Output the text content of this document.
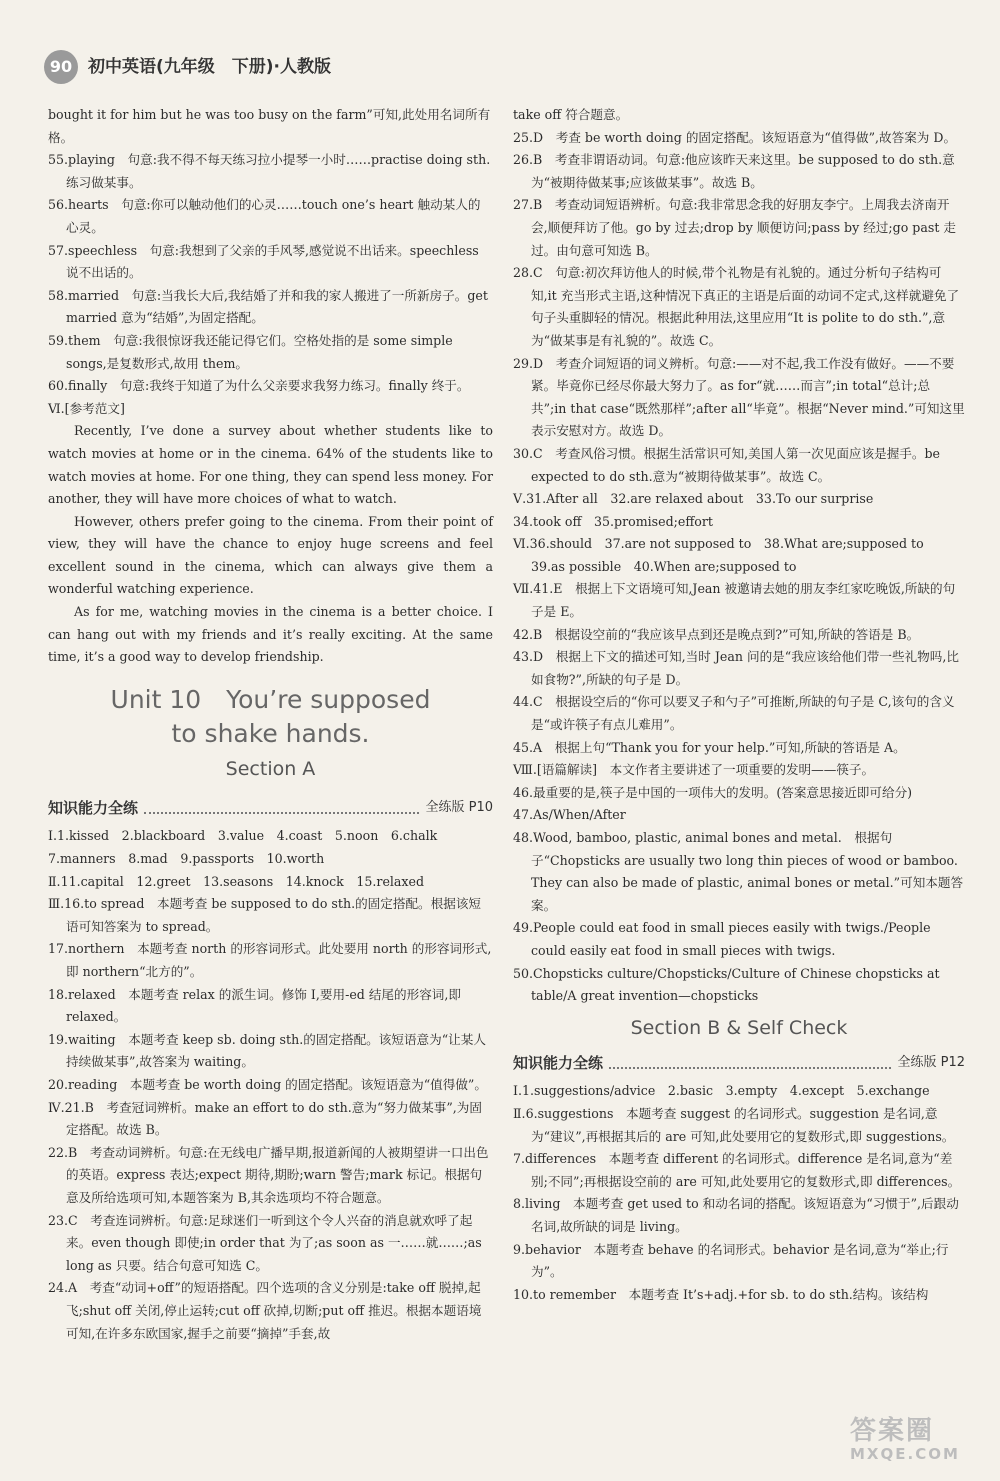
90 初中英语(九年级　下册)·人教版

bought it for him but he was too busy on the farm”可知,此处用名词所有格。

55.playing　句意:我不得不每天练习拉小提琴一小时……practise doing sth.练习做某事。

56.hearts　句意:你可以触动他们的心灵……touch one’s heart 触动某人的心灵。

57.speechless　句意:我想到了父亲的手风琴,感觉说不出话来。speechless 说不出话的。

58.married　句意:当我长大后,我结婚了并和我的家人搬进了一所新房子。get married 意为“结婚”,为固定搭配。

59.them　句意:我很惊讶我还能记得它们。空格处指的是 some simple songs,是复数形式,故用 them。

60.finally　句意:我终于知道了为什么父亲要求我努力练习。finally 终于。

Ⅵ.[参考范文]

Recently, I’ve done a survey about whether students like to watch movies at home or in the cinema. 64% of the students like to watch movies at home. For one thing, they can spend less money. For another, they will have more choices of what to watch.

However, others prefer going to the cinema. From their point of view, they will have the chance to enjoy huge screens and feel excellent sound in the cinema, which can always give them a wonderful watching experience.

As for me, watching movies in the cinema is a better choice. I can hang out with my friends and it’s really exciting. At the same time, it’s a good way to develop friendship.

Unit 10　You’re supposed
to shake hands.
Section A
知识能力全练	全练版 P10

Ⅰ.1.kissed　2.blackboard　3.value　4.coast　5.noon　6.chalk

7.manners　8.mad　9.passports　10.worth

Ⅱ.11.capital　12.greet　13.seasons　14.knock　15.relaxed

Ⅲ.16.to spread　本题考查 be supposed to do sth.的固定搭配。根据该短语可知答案为 to spread。

17.northern　本题考查 north 的形容词形式。此处要用 north 的形容词形式,即 northern“北方的”。

18.relaxed　本题考查 relax 的派生词。修饰 I,要用-ed 结尾的形容词,即 relaxed。

19.waiting　本题考查 keep sb. doing sth.的固定搭配。该短语意为“让某人持续做某事”,故答案为 waiting。

20.reading　本题考查 be worth doing 的固定搭配。该短语意为“值得做”。

Ⅳ.21.B　考查冠词辨析。make an effort to do sth.意为“努力做某事”,为固定搭配。故选 B。

22.B　考查动词辨析。句意:在无线电广播早期,报道新闻的人被期望讲一口出色的英语。express 表达;expect 期待,期盼;warn 警告;mark 标记。根据句意及所给选项可知,本题答案为 B,其余选项均不符合题意。

23.C　考查连词辨析。句意:足球迷们一听到这个令人兴奋的消息就欢呼了起来。even though 即使;in order that 为了;as soon as 一……就……;as long as 只要。结合句意可知选 C。

24.A　考查“动词+off”的短语搭配。四个选项的含义分别是:take off 脱掉,起飞;shut off 关闭,停止运转;cut off 砍掉,切断;put off 推迟。根据本题语境可知,在许多东欧国家,握手之前要“摘掉”手套,故

take off 符合题意。

25.D　考查 be worth doing 的固定搭配。该短语意为“值得做”,故答案为 D。

26.B　考查非谓语动词。句意:他应该昨天来这里。be supposed to do sth.意为“被期待做某事;应该做某事”。故选 B。

27.B　考查动词短语辨析。句意:我非常思念我的好朋友李宁。上周我去济南开会,顺便拜访了他。go by 过去;drop by 顺便访问;pass by 经过;go past 走过。由句意可知选 B。

28.C　句意:初次拜访他人的时候,带个礼物是有礼貌的。通过分析句子结构可知,it 充当形式主语,这种情况下真正的主语是后面的动词不定式,这样就避免了句子头重脚轻的情况。根据此种用法,这里应用“It is polite to do sth.”,意为“做某事是有礼貌的”。故选 C。

29.D　考查介词短语的词义辨析。句意:——对不起,我工作没有做好。——不要紧。毕竟你已经尽你最大努力了。as for“就……而言”;in total“总计;总共”;in that case“既然那样”;after all“毕竟”。根据“Never mind.”可知这里表示安慰对方。故选 D。

30.C　考查风俗习惯。根据生活常识可知,美国人第一次见面应该是握手。be expected to do sth.意为“被期待做某事”。故选 C。

Ⅴ.31.After all　32.are relaxed about　33.To our surprise

34.took off　35.promised;effort

Ⅵ.36.should　37.are not supposed to　38.What are;supposed to　39.as possible　40.When are;supposed to

Ⅶ.41.E　根据上下文语境可知,Jean 被邀请去她的朋友李红家吃晚饭,所缺的句子是 E。

42.B　根据设空前的“我应该早点到还是晚点到?”可知,所缺的答语是 B。

43.D　根据上下文的描述可知,当时 Jean 问的是“我应该给他们带一些礼物吗,比如食物?”,所缺的句子是 D。

44.C　根据设空后的“你可以要叉子和勺子”可推断,所缺的句子是 C,该句的含义是“或许筷子有点儿难用”。

45.A　根据上句“Thank you for your help.”可知,所缺的答语是 A。

Ⅷ.[语篇解读]　本文作者主要讲述了一项重要的发明——筷子。

46.最重要的是,筷子是中国的一项伟大的发明。(答案意思接近即可给分)

47.As/When/After

48.Wood, bamboo, plastic, animal bones and metal.　根据句子“Chopsticks are usually two long thin pieces of wood or bamboo. They can also be made of plastic, animal bones or metal.”可知本题答案。

49.People could eat food in small pieces easily with twigs./People could easily eat food in small pieces with twigs.

50.Chopsticks culture/Chopsticks/Culture of Chinese chopsticks at table/A great invention—chopsticks

Section B & Self Check
知识能力全练	全练版 P12

Ⅰ.1.suggestions/advice　2.basic　3.empty　4.except　5.exchange

Ⅱ.6.suggestions　本题考查 suggest 的名词形式。suggestion 是名词,意为“建议”,再根据其后的 are 可知,此处要用它的复数形式,即 suggestions。

7.differences　本题考查 different 的名词形式。difference 是名词,意为“差别;不同”;再根据设空前的 are 可知,此处要用它的复数形式,即 differences。

8.living　本题考查 get used to 和动名词的搭配。该短语意为“习惯于”,后跟动名词,故所缺的词是 living。

9.behavior　本题考查 behave 的名词形式。behavior 是名词,意为“举止;行为”。

10.to remember　本题考查 It’s+adj.+for sb. to do sth.结构。该结构

答案圈
MXQE.COM
